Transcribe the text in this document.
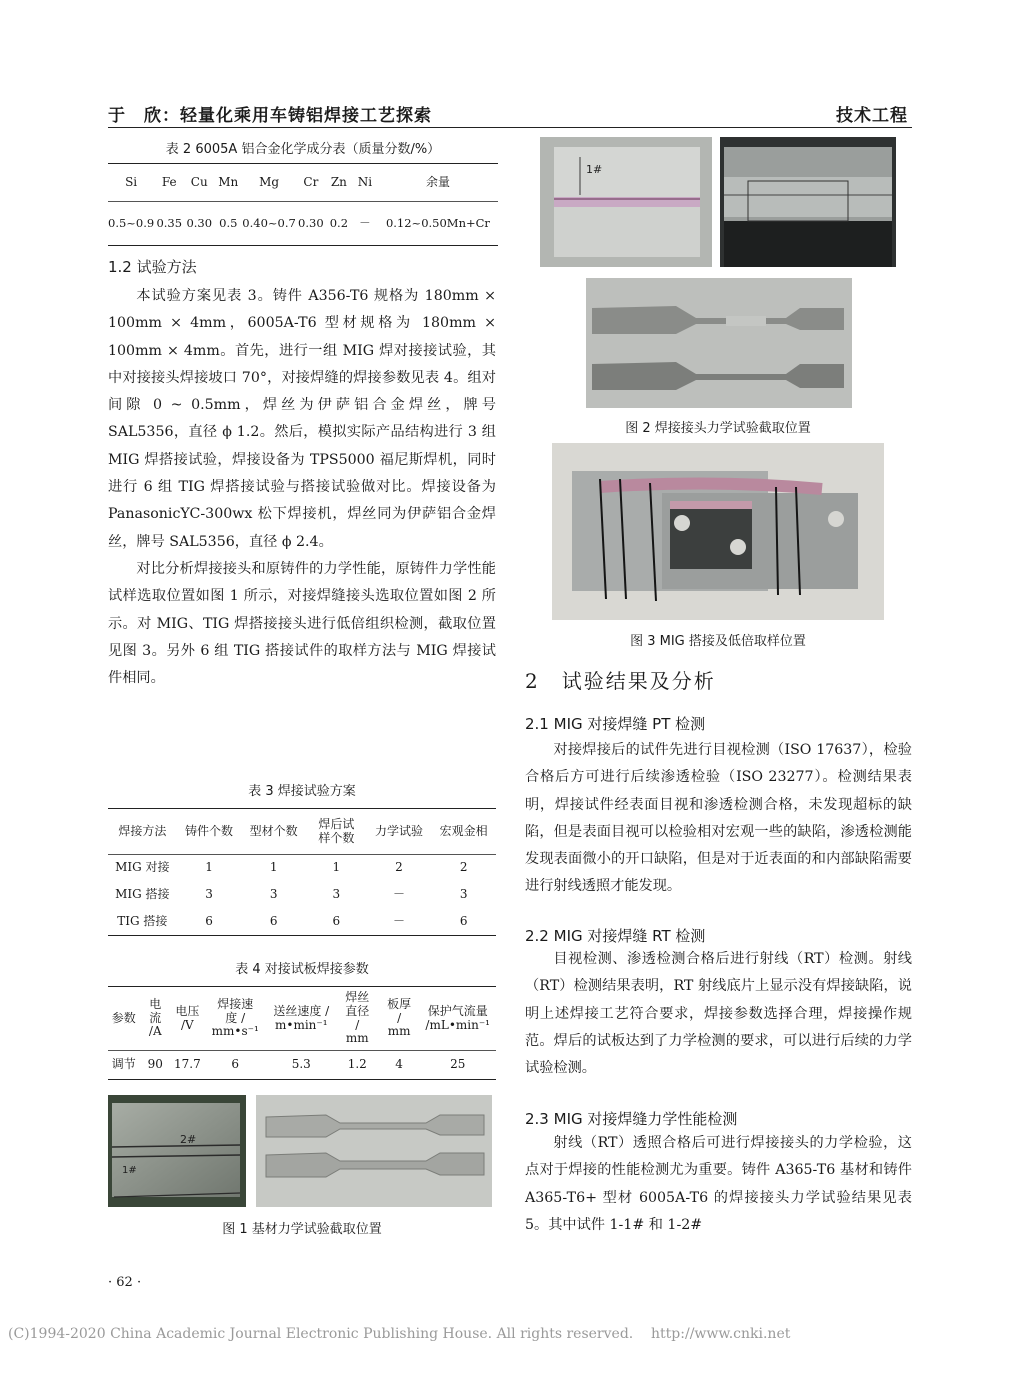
于　欣：轻量化乘用车铸铝焊接工艺探索	技术工程
表 2 6005A 铝合金化学成分表（质量分数/%）
Si	Fe	Cu	Mn	Mg	Cr	Zn	Ni	余量
0.5~0.9	0.35	0.30	0.5	0.40~0.7	0.30	0.2	－	0.12~0.50Mn+Cr
1.2 试验方法

本试验方案见表 3。铸件 A356-T6 规格为 180mm × 100mm × 4mm，6005A-T6 型材规格为 180mm × 100mm × 4mm。首先，进行一组 MIG 焊对接接试验，其中对接接头焊接坡口 70°，对接焊缝的焊接参数见表 4。组对间隙 0 ~ 0.5mm，焊丝为伊萨铝合金焊丝，牌号 SAL5356，直径 ϕ 1.2。然后，模拟实际产品结构进行 3 组 MIG 焊搭接试验，焊接设备为 TPS5000 福尼斯焊机，同时进行 6 组 TIG 焊搭接试验与搭接试验做对比。焊接设备为 PanasonicYC-300wx 松下焊接机，焊丝同为伊萨铝合金焊丝，牌号 SAL5356，直径 ϕ 2.4。

对比分析焊接接头和原铸件的力学性能，原铸件力学性能试样选取位置如图 1 所示，对接焊缝接头选取位置如图 2 所示。对 MIG、TIG 焊搭接接头进行低倍组织检测，截取位置见图 3。另外 6 组 TIG 搭接试件的取样方法与 MIG 焊接试件相同。

表 3 焊接试验方案
焊接方法	铸件个数	型材个数	焊后试样个数	力学试验	宏观金相
MIG 对接	1	1	1	2	2
MIG 搭接	3	3	3	－	3
TIG 搭接	6	6	6	－	6
表 4 对接试板焊接参数
参数	电流 /A	电压 /V	焊接速度 / mm•s⁻¹	送丝速度 / m•min⁻¹	焊丝直径 / mm	板厚 / mm	保护气流量 /mL•min⁻¹
调节	90	17.7	6	5.3	1.2	4	25
2#
1#
图 1 基材力学试验截取位置
· 62 ·
1#
图 2 焊接接头力学试验截取位置
图 3 MIG 搭接及低倍取样位置
2　试验结果及分析
2.1 MIG 对接焊缝 PT 检测

对接焊接后的试件先进行目视检测（ISO 17637），检验合格后方可进行后续渗透检验（ISO 23277）。检测结果表明，焊接试件经表面目视和渗透检测合格，未发现超标的缺陷，但是表面目视可以检验相对宏观一些的缺陷，渗透检测能发现表面微小的开口缺陷，但是对于近表面的和内部缺陷需要进行射线透照才能发现。

2.2 MIG 对接焊缝 RT 检测

目视检测、渗透检测合格后进行射线（RT）检测。射线（RT）检测结果表明，RT 射线底片上显示没有焊接缺陷，说明上述焊接工艺符合要求，焊接参数选择合理，焊接操作规范。焊后的试板达到了力学检测的要求，可以进行后续的力学试验检测。

2.3 MIG 对接焊缝力学性能检测

射线（RT）透照合格后可进行焊接接头的力学检验，这点对于焊接的性能检测尤为重要。铸件 A365-T6 基材和铸件 A365-T6+ 型材 6005A-T6 的焊接接头力学试验结果见表 5。其中试件 1-1# 和 1-2#

(C)1994-2020 China Academic Journal Electronic Publishing House. All rights reserved.    http://www.cnki.net
